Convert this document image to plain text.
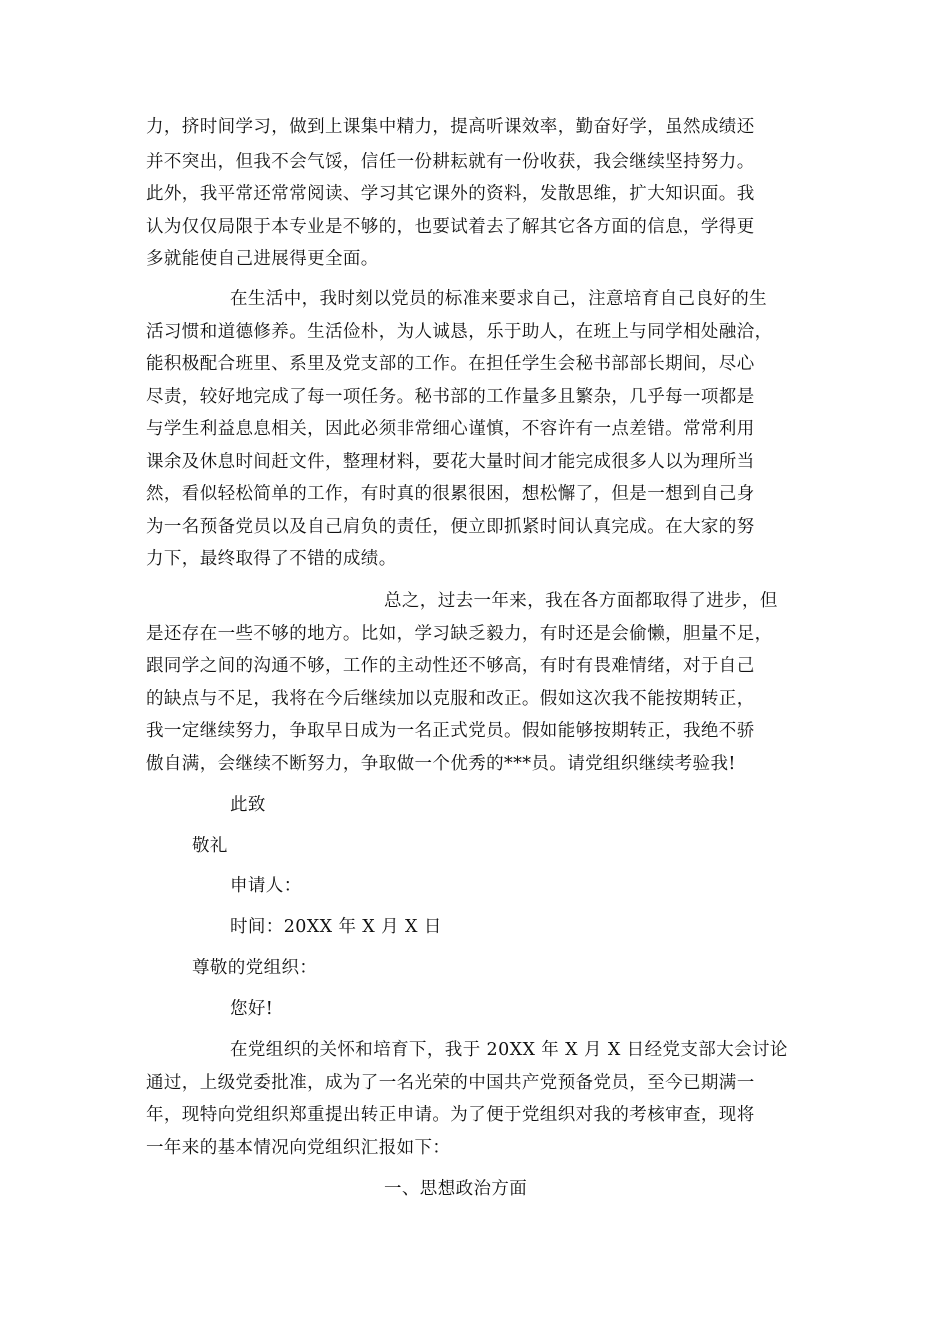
力，挤时间学习，做到上课集中精力，提高听课效率，勤奋好学，虽然成绩还
并不突出，但我不会气馁，信任一份耕耘就有一份收获，我会继续坚持努力。
此外，我平常还常常阅读、学习其它课外的资料，发散思维，扩大知识面。我
认为仅仅局限于本专业是不够的，也要试着去了解其它各方面的信息，学得更
多就能使自己进展得更全面。
在生活中，我时刻以党员的标准来要求自己，注意培育自己良好的生
活习惯和道德修养。生活俭朴，为人诚恳，乐于助人，在班上与同学相处融洽，
能积极配合班里、系里及党支部的工作。在担任学生会秘书部部长期间，尽心
尽责，较好地完成了每一项任务。秘书部的工作量多且繁杂，几乎每一项都是
与学生利益息息相关，因此必须非常细心谨慎，不容许有一点差错。常常利用
课余及休息时间赶文件，整理材料，要花大量时间才能完成很多人以为理所当
然，看似轻松简单的工作，有时真的很累很困，想松懈了，但是一想到自己身
为一名预备党员以及自己肩负的责任，便立即抓紧时间认真完成。在大家的努
力下，最终取得了不错的成绩。
总之，过去一年来，我在各方面都取得了进步，但
是还存在一些不够的地方。比如，学习缺乏毅力，有时还是会偷懒，胆量不足，
跟同学之间的沟通不够，工作的主动性还不够高，有时有畏难情绪，对于自己
的缺点与不足，我将在今后继续加以克服和改正。假如这次我不能按期转正，
我一定继续努力，争取早日成为一名正式党员。假如能够按期转正，我绝不骄
傲自满，会继续不断努力，争取做一个优秀的***员。请党组织继续考验我!
此致
敬礼
申请人：
时间：20XX 年 X 月 X 日
尊敬的党组织：
您好!
在党组织的关怀和培育下，我于 20XX 年 X 月 X 日经党支部大会讨论
通过，上级党委批准，成为了一名光荣的中国共产党预备党员，至今已期满一
年，现特向党组织郑重提出转正申请。为了便于党组织对我的考核审查，现将
一年来的基本情况向党组织汇报如下：
一、思想政治方面
